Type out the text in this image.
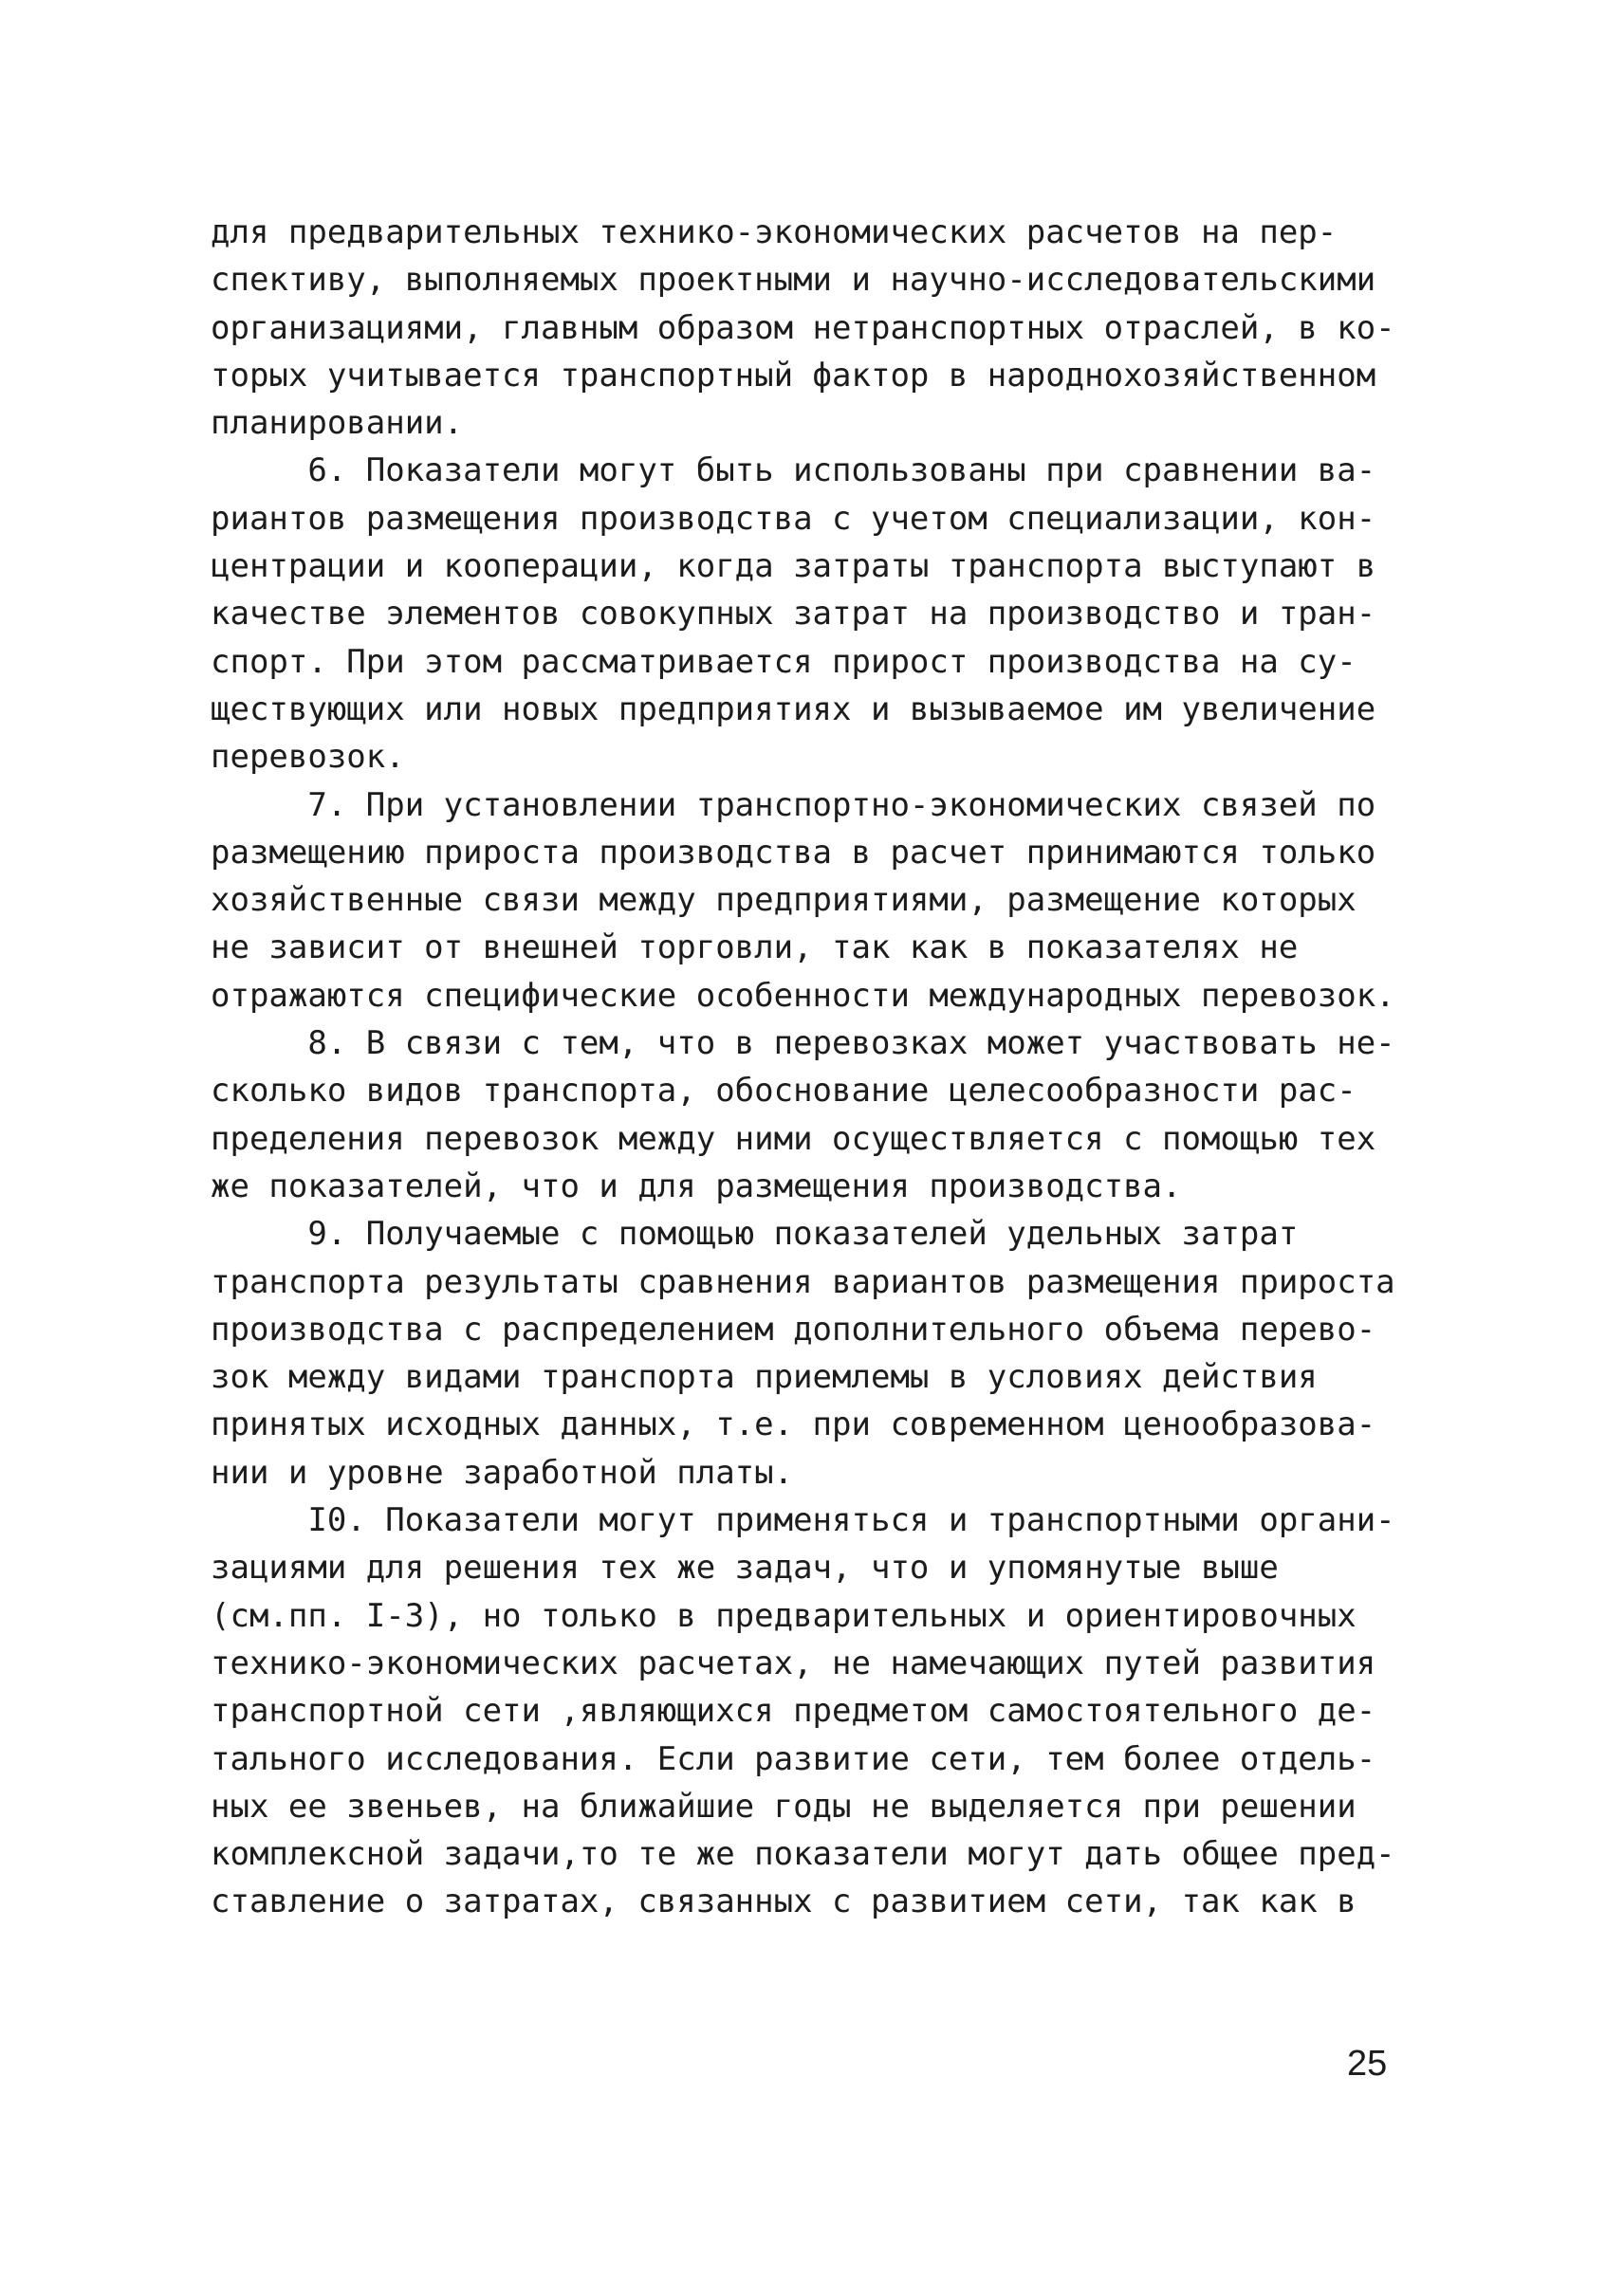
для предварительных технико-экономических расчетов на пер-
спективу, выполняемых проектными и научно-исследовательскими
организациями, главным образом нетранспортных отраслей, в ко-
торых учитывается транспортный фактор в народнохозяйственном
планировании.
6. Показатели могут быть использованы при сравнении ва-
риантов размещения производства с учетом специализации, кон-
центрации и кооперации, когда затраты транспорта выступают в
качестве элементов совокупных затрат на производство и тран-
спорт. При этом рассматривается прирост производства на су-
ществующих или новых предприятиях и вызываемое им увеличение
перевозок.
7. При установлении транспортно-экономических связей по
размещению прироста производства в расчет принимаются только
хозяйственные связи между предприятиями, размещение которых
не зависит от внешней торговли, так как в показателях не
отражаются специфические особенности международных перевозок.
8. В связи с тем, что в перевозках может участвовать не-
сколько видов транспорта, обоснование целесообразности рас-
пределения перевозок между ними осуществляется с помощью тех
же показателей, что и для размещения производства.
9. Получаемые с помощью показателей удельных затрат
транспорта результаты сравнения вариантов размещения прироста
производства с распределением дополнительного объема перево-
зок между видами транспорта приемлемы в условиях действия
принятых исходных данных, т.е. при современном ценообразова-
нии и уровне заработной платы.
I0. Показатели могут применяться и транспортными органи-
зациями для решения тех же задач, что и упомянутые выше
(см.пп. I-3), но только в предварительных и ориентировочных
технико-экономических расчетах, не намечающих путей развития
транспортной сети ,являющихся предметом самостоятельного де-
тального исследования. Если развитие сети, тем более отдель-
ных ее звеньев, на ближайшие годы не выделяется при решении
комплексной задачи,то те же показатели могут дать общее пред-
ставление о затратах, связанных с развитием сети, так как в
25
